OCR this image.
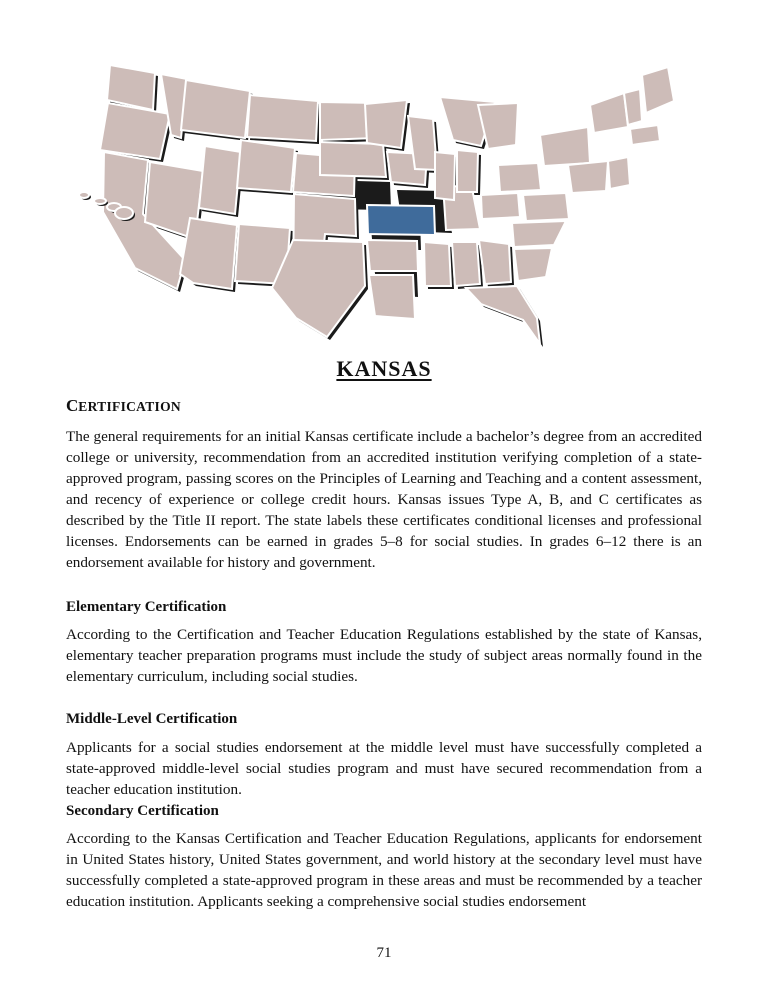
KANSAS
CERTIFICATION

The general requirements for an initial Kansas certificate include a bachelor’s degree from an accredited college or university, recommendation from an accredited institution verifying completion of a state-approved program, passing scores on the Principles of Learning and Teaching and a content assessment, and recency of experience or college credit hours. Kansas issues Type A, B, and C certificates as described by the Title II report. The state labels these certificates conditional licenses and professional licenses. Endorsements can be earned in grades 5–8 for social studies. In grades 6–12 there is an endorsement available for history and government.

Elementary Certification

According to the Certification and Teacher Education Regulations established by the state of Kansas, elementary teacher preparation programs must include the study of subject areas normally found in the elementary curriculum, including social studies.

Middle-Level Certification

Applicants for a social studies endorsement at the middle level must have successfully completed a state-approved middle-level social studies program and must have secured recommendation from a teacher education institution.

Secondary Certification

According to the Kansas Certification and Teacher Education Regulations, applicants for endorsement in United States history, United States government, and world history at the secondary level must have successfully completed a state-approved program in these areas and must be recommended by a teacher education institution. Applicants seeking a comprehensive social studies endorsement

71
